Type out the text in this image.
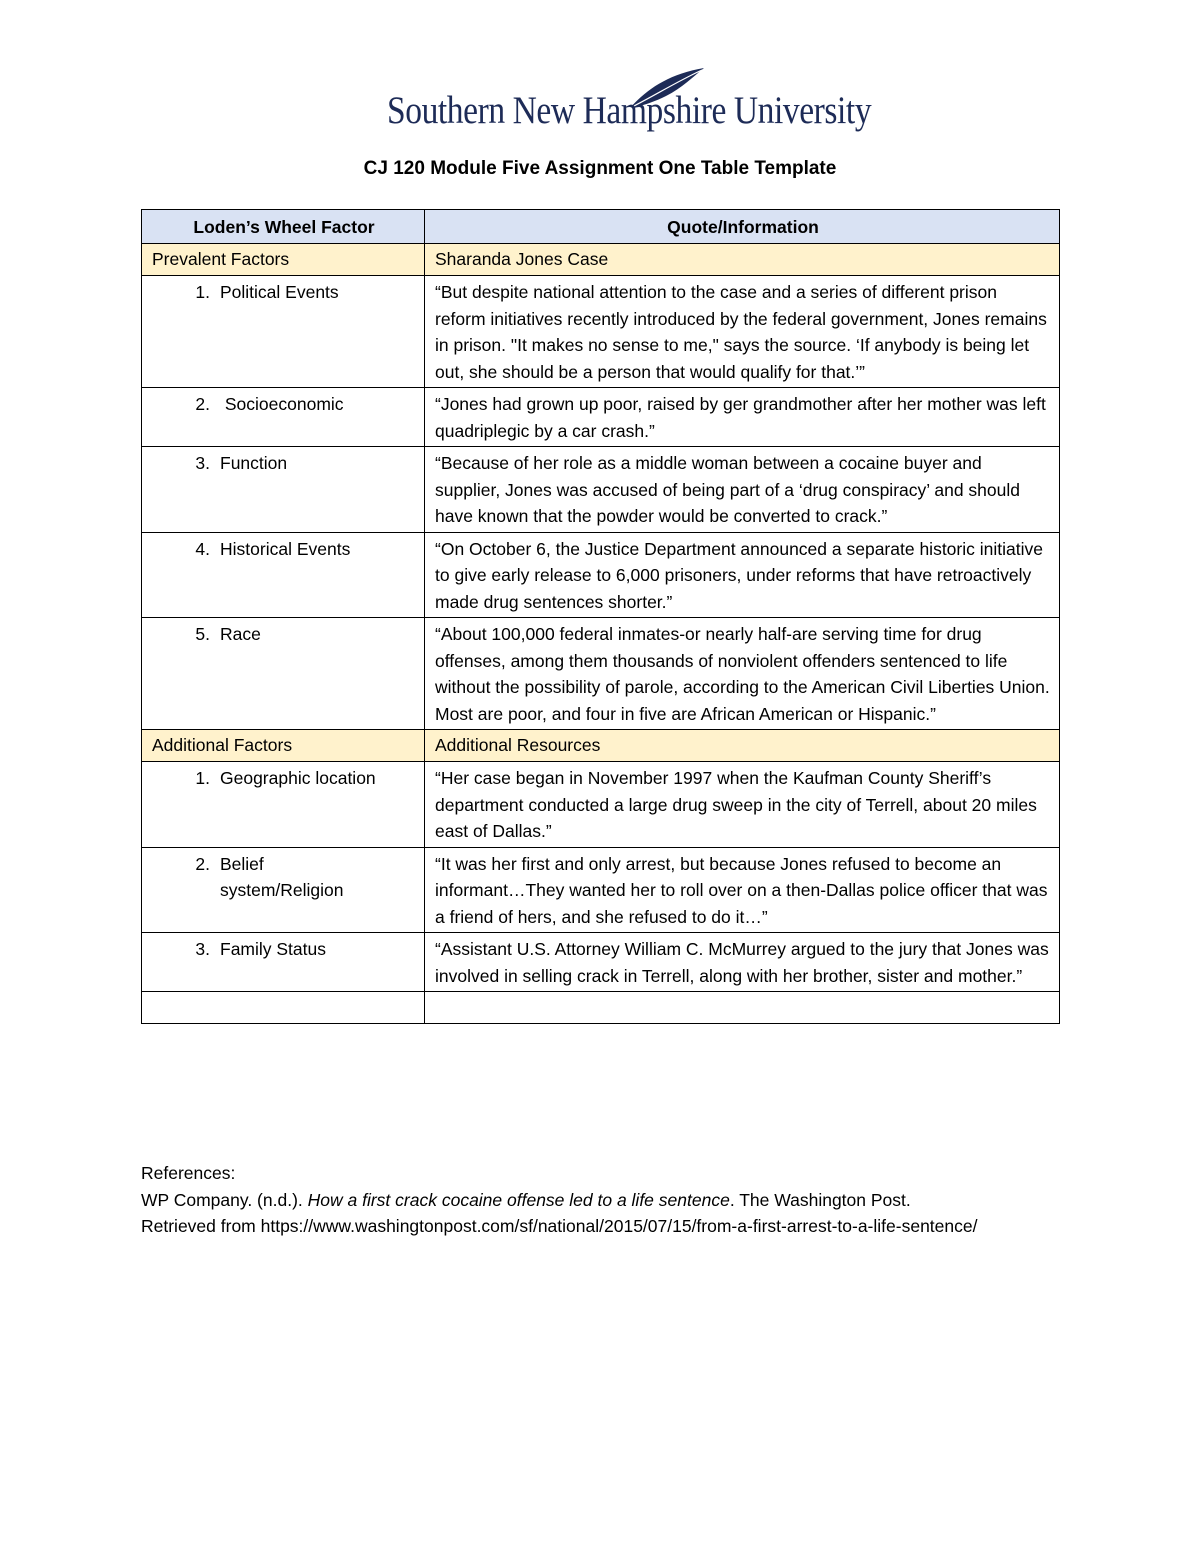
Southern New Hampshire University
CJ 120 Module Five Assignment One Table Template
Loden’s Wheel Factor	Quote/Information
Prevalent Factors	Sharanda Jones Case

1. Political Events	“But despite national attention to the case and a series of different prison reform initiatives recently introduced by the federal government, Jones remains in prison. "It makes no sense to me," says the source. ‘If anybody is being let out, she should be a person that would qualify for that.’”

2. Socioeconomic	“Jones had grown up poor, raised by ger grandmother after her mother was left quadriplegic by a car crash.”

3. Function	“Because of her role as a middle woman between a cocaine buyer and supplier, Jones was accused of being part of a ‘drug conspiracy’ and should have known that the powder would be converted to crack.”

4. Historical Events	“On October 6, the Justice Department announced a separate historic initiative to give early release to 6,000 prisoners, under reforms that have retroactively made drug sentences shorter.”

5. Race	“About 100,000 federal inmates-or nearly half-are serving time for drug offenses, among them thousands of nonviolent offenders sentenced to life without the possibility of parole, according to the American Civil Liberties Union. Most are poor, and four in five are African American or Hispanic.”

Additional Factors	Additional Resources

1. Geographic location	“Her case began in November 1997 when the Kaufman County Sheriff’s department conducted a large drug sweep in the city of Terrell, about 20 miles east of Dallas.”

2. Belief system/Religion	“It was her first and only arrest, but because Jones refused to become an informant…They wanted her to roll over on a then-Dallas police officer that was a friend of hers, and she refused to do it…”

3. Family Status	“Assistant U.S. Attorney William C. McMurrey argued to the jury that Jones was involved in selling crack in Terrell, along with her brother, sister and mother.”

References:
WP Company. (n.d.). How a first crack cocaine offense led to a life sentence. The Washington Post.
Retrieved from https://www.washingtonpost.com/sf/national/2015/07/15/from-a-first-arrest-to-a-life-sentence/
